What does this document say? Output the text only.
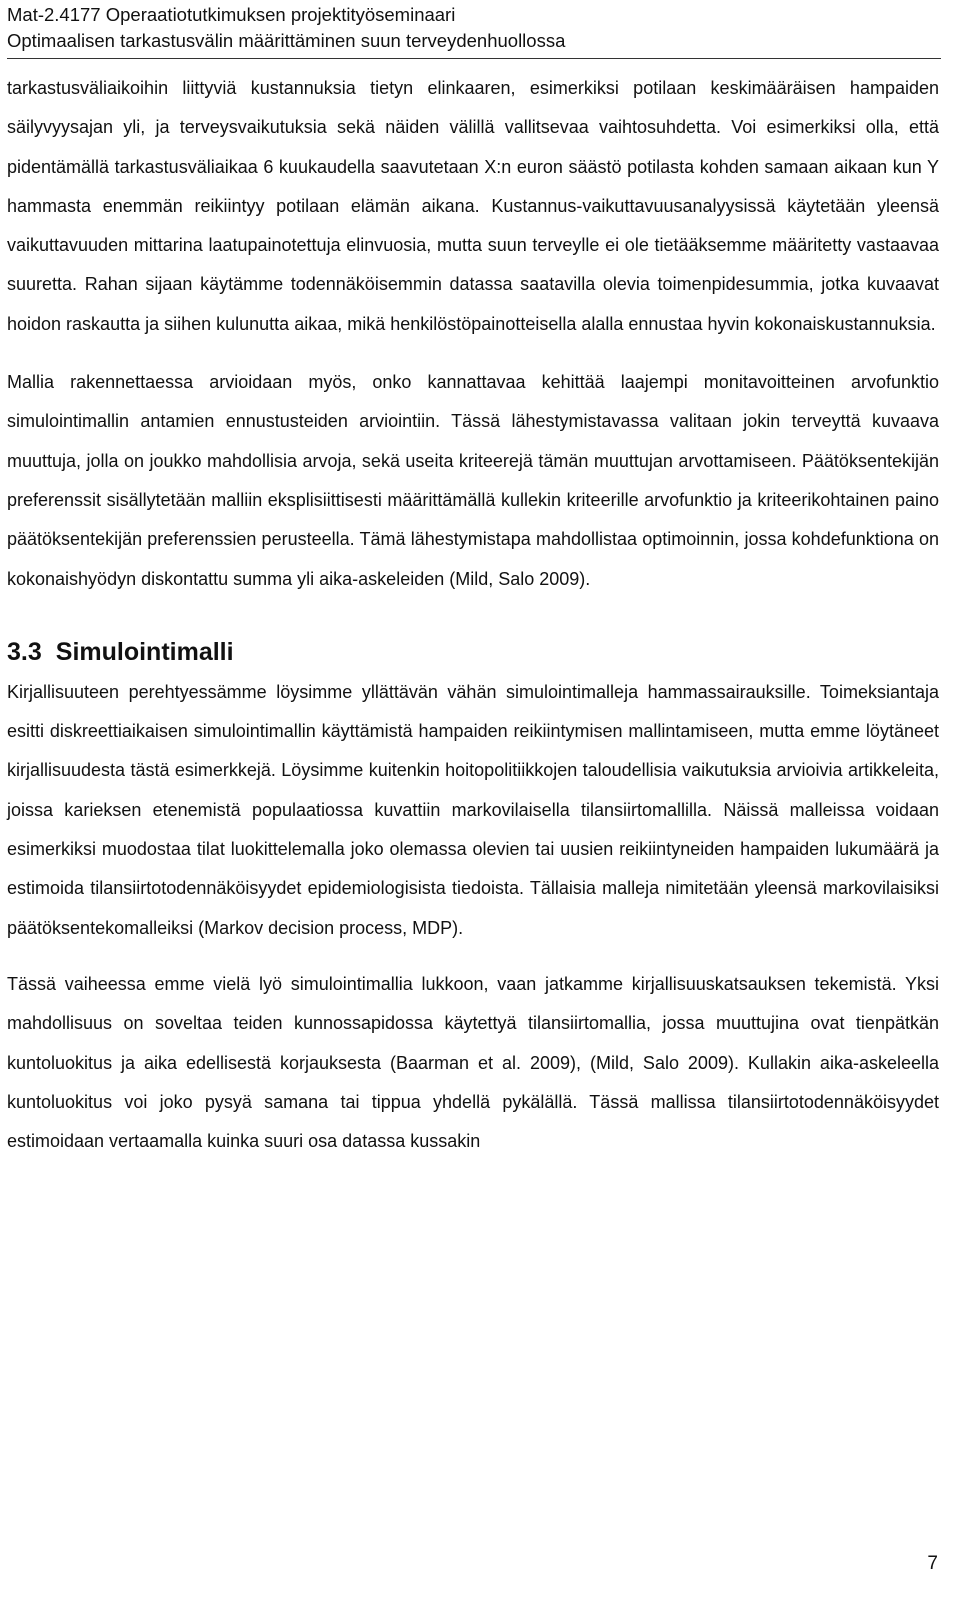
Mat-2.4177 Operaatiotutkimuksen projektityöseminaari
Optimaalisen tarkastusvälin määrittäminen suun terveydenhuollossa

tarkastusväliaikoihin liittyviä kustannuksia tietyn elinkaaren, esimerkiksi potilaan keskimääräisen hampaiden säilyvyysajan yli, ja terveysvaikutuksia sekä näiden välillä vallitsevaa vaihtosuhdetta. Voi esimerkiksi olla, että pidentämällä tarkastusväliaikaa 6 kuukaudella saavutetaan X:n euron säästö potilasta kohden samaan aikaan kun Y hammasta enemmän reikiintyy potilaan elämän aikana. Kustannus-vaikuttavuusanalyysissä käytetään yleensä vaikuttavuuden mittarina laatupainotettuja elinvuosia, mutta suun terveylle ei ole tietääksemme määritetty vastaavaa suuretta. Rahan sijaan käytämme todennäköisemmin datassa saatavilla olevia toimenpidesummia, jotka kuvaavat hoidon raskautta ja siihen kulunutta aikaa, mikä henkilöstöpainotteisella alalla ennustaa hyvin kokonaiskustannuksia.

Mallia rakennettaessa arvioidaan myös, onko kannattavaa kehittää laajempi monitavoitteinen arvofunktio simulointimallin antamien ennustusteiden arviointiin. Tässä lähestymistavassa valitaan jokin terveyttä kuvaava muuttuja, jolla on joukko mahdollisia arvoja, sekä useita kriteerejä tämän muuttujan arvottamiseen. Päätöksentekijän preferenssit sisällytetään malliin eksplisiittisesti määrittämällä kullekin kriteerille arvofunktio ja kriteerikohtainen paino päätöksentekijän preferenssien perusteella. Tämä lähestymistapa mahdollistaa optimoinnin, jossa kohdefunktiona on kokonaishyödyn diskontattu summa yli aika-askeleiden (Mild, Salo 2009).

3.3 Simulointimalli

Kirjallisuuteen perehtyessämme löysimme yllättävän vähän simulointimalleja hammassairauksille. Toimeksiantaja esitti diskreettiaikaisen simulointimallin käyttämistä hampaiden reikiintymisen mallintamiseen, mutta emme löytäneet kirjallisuudesta tästä esimerkkejä. Löysimme kuitenkin hoitopolitiikkojen taloudellisia vaikutuksia arvioivia artikkeleita, joissa karieksen etenemistä populaatiossa kuvattiin markovilaisella tilansiirtomallilla. Näissä malleissa voidaan esimerkiksi muodostaa tilat luokittelemalla joko olemassa olevien tai uusien reikiintyneiden hampaiden lukumäärä ja estimoida tilansiirtotodennäköisyydet epidemiologisista tiedoista. Tällaisia malleja nimitetään yleensä markovilaisiksi päätöksentekomalleiksi (Markov decision process, MDP).

Tässä vaiheessa emme vielä lyö simulointimallia lukkoon, vaan jatkamme kirjallisuuskatsauksen tekemistä. Yksi mahdollisuus on soveltaa teiden kunnossapidossa käytettyä tilansiirtomallia, jossa muuttujina ovat tienpätkän kuntoluokitus ja aika edellisestä korjauksesta (Baarman et al. 2009), (Mild, Salo 2009). Kullakin aika-askeleella kuntoluokitus voi joko pysyä samana tai tippua yhdellä pykälällä. Tässä mallissa tilansiirtotodennäköisyydet estimoidaan vertaamalla kuinka suuri osa datassa kussakin

7
